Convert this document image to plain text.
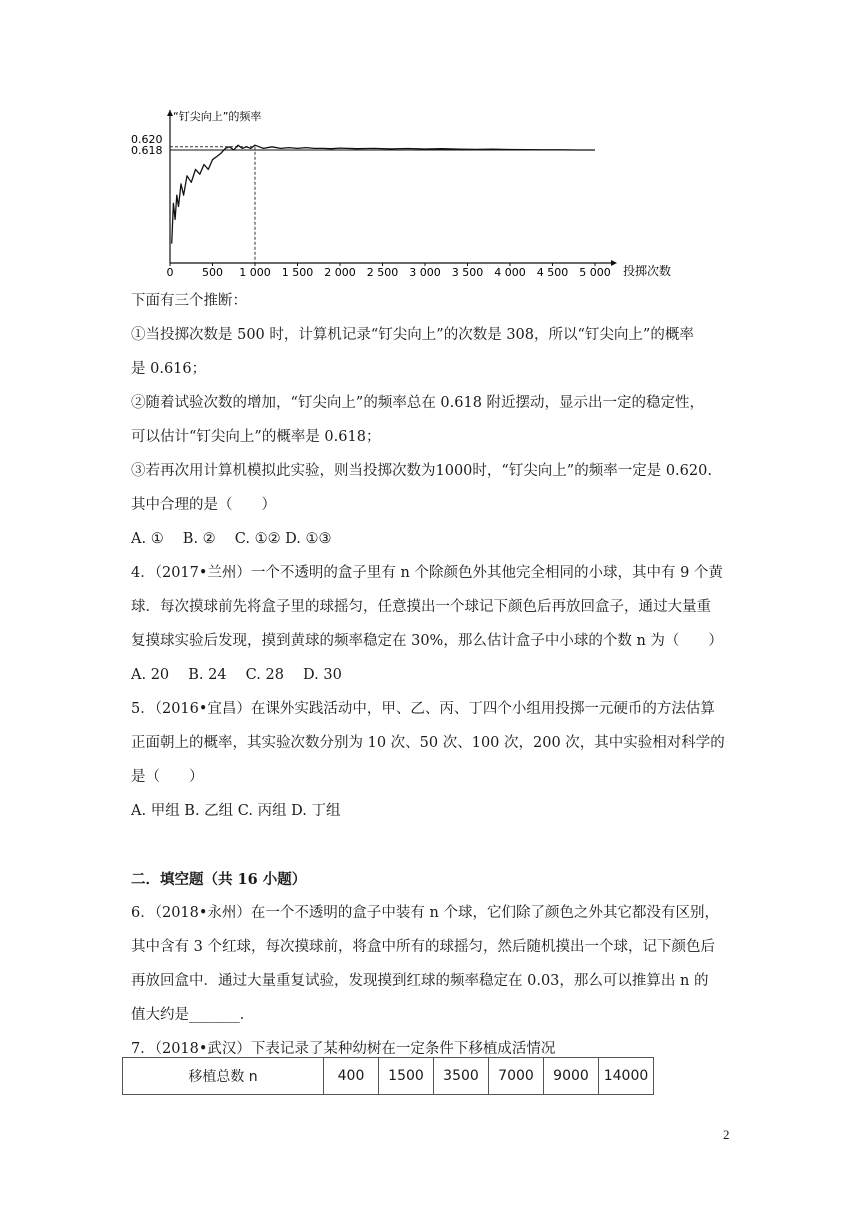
“钉尖向上”的频率
投掷次数
0.620
0.618
0	500 1 000 1 500 2 000 2 500 3 000 3 500 4 000 4 500 5 000
下面有三个推断：
①当投掷次数是 500 时，计算机记录“钉尖向上”的次数是 308，所以“钉尖向上”的概率
是 0.616；
②随着试验次数的增加，“钉尖向上”的频率总在 0.618 附近摆动，显示出一定的稳定性，
可以估计“钉尖向上”的概率是 0.618；
③若再次用计算机模拟此实验，则当投掷次数为1000时，“钉尖向上”的频率一定是 0.620.
其中合理的是（　　）
A. ①　 B. ②　 C. ①② D. ①③
4．（2017•兰州）一个不透明的盒子里有 n 个除颜色外其他完全相同的小球，其中有 9 个黄
球．每次摸球前先将盒子里的球摇匀，任意摸出一个球记下颜色后再放回盒子，通过大量重
复摸球实验后发现，摸到黄球的频率稳定在 30%，那么估计盒子中小球的个数 n 为（　　）
A. 20　 B. 24　 C. 28　 D. 30
5．（2016•宜昌）在课外实践活动中，甲、乙、丙、丁四个小组用投掷一元硬币的方法估算
正面朝上的概率，其实验次数分别为 10 次、50 次、100 次，200 次，其中实验相对科学的
是（　　）
A. 甲组 B. 乙组 C. 丙组 D. 丁组
二．填空题（共 16 小题）
6．（2018•永州）在一个不透明的盒子中装有 n 个球，它们除了颜色之外其它都没有区别，
其中含有 3 个红球，每次摸球前，将盒中所有的球摇匀，然后随机摸出一个球，记下颜色后
再放回盒中．通过大量重复试验，发现摸到红球的频率稳定在 0.03，那么可以推算出 n 的
值大约是_______．
7．（2018•武汉）下表记录了某种幼树在一定条件下移植成活情况
移植总数 n	400	1500	3500	7000	9000	14000
2
